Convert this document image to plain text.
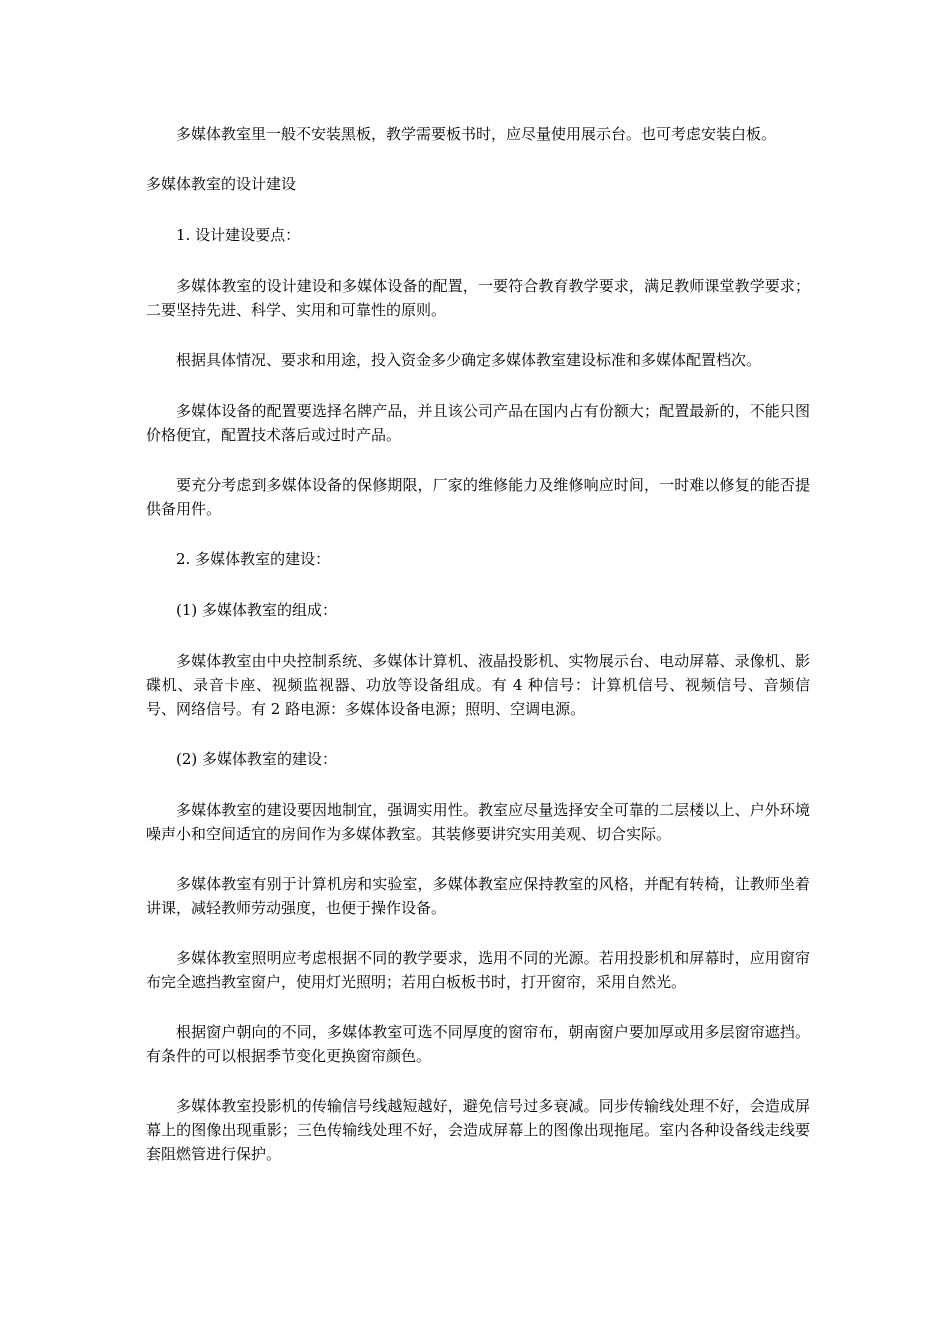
多媒体教室里一般不安装黑板，教学需要板书时，应尽量使用展示台。也可考虑安装白板。

多媒体教室的设计建设

1. 设计建设要点：

多媒体教室的设计建设和多媒体设备的配置，一要符合教育教学要求，满足教师课堂教学要求；二要坚持先进、科学、实用和可靠性的原则。

根据具体情况、要求和用途，投入资金多少确定多媒体教室建设标准和多媒体配置档次。

多媒体设备的配置要选择名牌产品，并且该公司产品在国内占有份额大；配置最新的，不能只图价格便宜，配置技术落后或过时产品。

要充分考虑到多媒体设备的保修期限，厂家的维修能力及维修响应时间，一时难以修复的能否提供备用件。

2. 多媒体教室的建设：

(1) 多媒体教室的组成：

多媒体教室由中央控制系统、多媒体计算机、液晶投影机、实物展示台、电动屏幕、录像机、影碟机、录音卡座、视频监视器、功放等设备组成。有 4 种信号：计算机信号、视频信号、音频信号、网络信号。有 2 路电源：多媒体设备电源；照明、空调电源。

(2) 多媒体教室的建设：

多媒体教室的建设要因地制宜，强调实用性。教室应尽量选择安全可靠的二层楼以上、户外环境噪声小和空间适宜的房间作为多媒体教室。其装修要讲究实用美观、切合实际。

多媒体教室有别于计算机房和实验室，多媒体教室应保持教室的风格，并配有转椅，让教师坐着讲课，减轻教师劳动强度，也便于操作设备。

多媒体教室照明应考虑根据不同的教学要求，选用不同的光源。若用投影机和屏幕时，应用窗帘布完全遮挡教室窗户，使用灯光照明；若用白板板书时，打开窗帘，采用自然光。

根据窗户朝向的不同，多媒体教室可选不同厚度的窗帘布，朝南窗户要加厚或用多层窗帘遮挡。有条件的可以根据季节变化更换窗帘颜色。

多媒体教室投影机的传输信号线越短越好，避免信号过多衰减。同步传输线处理不好，会造成屏幕上的图像出现重影；三色传输线处理不好，会造成屏幕上的图像出现拖尾。室内各种设备线走线要套阻燃管进行保护。
